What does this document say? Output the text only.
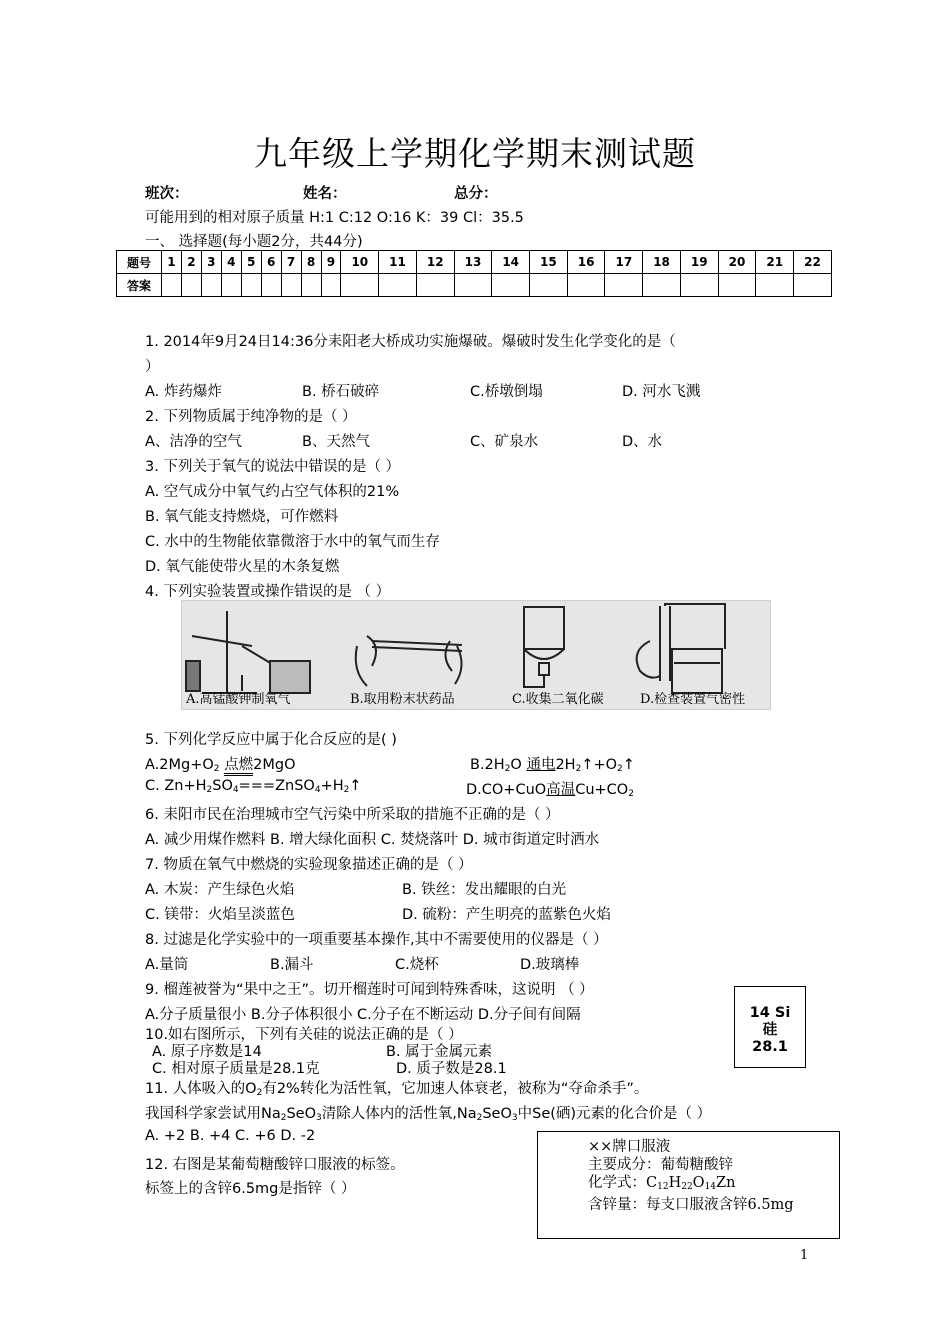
九年级上学期化学期末测试题
班次：	姓名：	总分：
可能用到的相对原子质量 H:1 C:12 O:16 K：39 Cl：35.5
一、 选择题(每小题2分，共44分)
题号	1	2	3	4	5	6	7	8	9	10	11	12	13	14	15	16	17	18	19	20	21	22
答案																						
1. 2014年9月24日14:36分耒阳老大桥成功实施爆破。爆破时发生化学变化的是（
）
A. 炸药爆炸	B. 桥石破碎	C.桥墩倒塌	D. 河水飞溅
2. 下列物质属于纯净物的是（ ）
A、洁净的空气	B、天然气	C、矿泉水	D、水
3. 下列关于氧气的说法中错误的是（ ）
A. 空气成分中氧气约占空气体积的21%
B. 氧气能支持燃烧，可作燃料
C. 水中的生物能依靠微溶于水中的氧气而生存
D. 氧气能使带火星的木条复燃
4. 下列实验装置或操作错误的是 （ ）
A.高锰酸钾制氧气	B.取用粉末状药品	C.收集二氧化碳	D.检查装置气密性
5. 下列化学反应中属于化合反应的是( )
$A.2Mg+O_2$ 点燃2MgO	$B.2H_2O$ 通电$2H_2↑+O_2↑$
C. $Zn+H_2SO_4===ZnSO_4+H_2↑$	D.CO+CuO高温$Cu+CO_2$
6. 耒阳市民在治理城市空气污染中所采取的措施不正确的是（ ）
A. 减少用煤作燃料 B. 增大绿化面积 C. 焚烧落叶 D. 城市街道定时洒水
7. 物质在氧气中燃烧的实验现象描述正确的是（ ）
A. 木炭：产生绿色火焰	B. 铁丝：发出耀眼的白光
C. 镁带：火焰呈淡蓝色	D. 硫粉：产生明亮的蓝紫色火焰
8. 过滤是化学实验中的一项重要基本操作,其中不需要使用的仪器是（ ）
A.量筒	B.漏斗	C.烧杯	D.玻璃棒
9. 榴莲被誉为“果中之王”。切开榴莲时可闻到特殊香味，这说明 （ ）
A.分子质量很小 B.分子体积很小 C.分子在不断运动 D.分子间有间隔	14 Si
硅
28.1
10.如右图所示，下列有关硅的说法正确的是（ ）
A. 原子序数是14	B. 属于金属元素
C. 相对原子质量是28.1克	D. 质子数是28.1
11. 人体吸入的$O_2$有2%转化为活性氧，它加速人体衰老，被称为“夺命杀手”。
我国科学家尝试用$Na_2SeO_3$清除人体内的活性氧$,Na_2SeO_3$中Se(硒)元素的化合价是（ ）
A. +2 B. +4 C. +6 D. -2
12. 右图是某葡萄糖酸锌口服液的标签。
标签上的含锌6.5mg是指锌（ ）
××牌口服液
主要成分：葡萄糖酸锌
化学式：$C_{12}H_{22}O_{14}Zn$
含锌量：每支口服液含锌6.5mg
1
